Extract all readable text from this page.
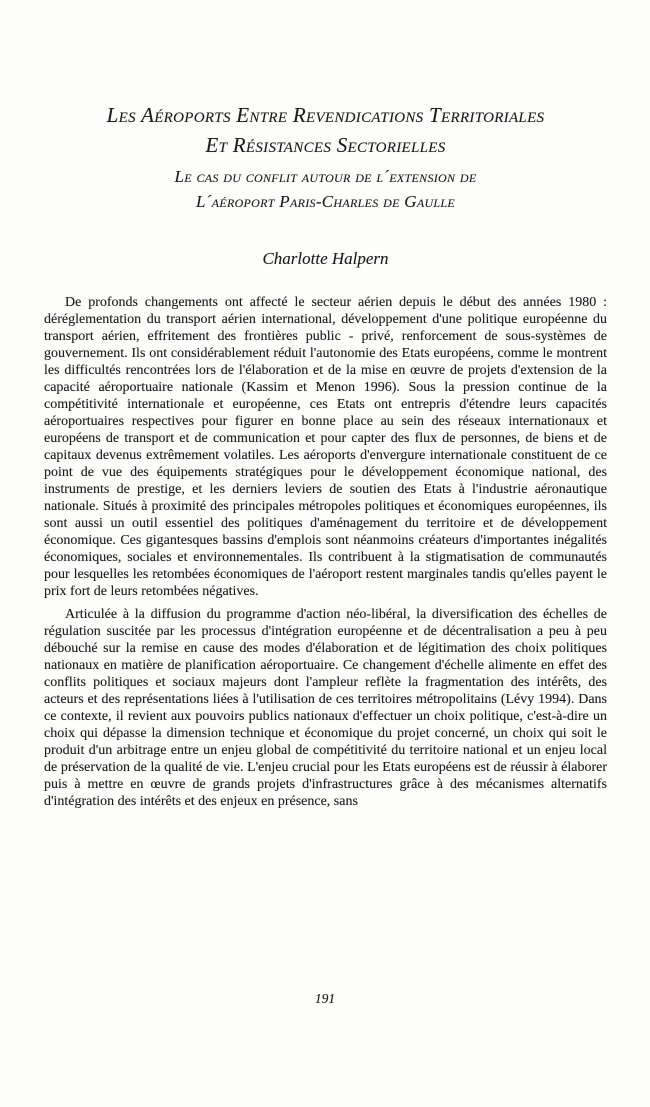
Les Aéroports Entre Revendications Territoriales
Et Résistances Sectorielles
Le cas du conflit autour de l´extension de
L´aéroport Paris-Charles de Gaulle
Charlotte Halpern

De profonds changements ont affecté le secteur aérien depuis le début des années 1980 : déréglementation du transport aérien international, développement d'une politique européenne du transport aérien, effritement des frontières public - privé, renforcement de sous-systèmes de gouvernement. Ils ont considérablement réduit l'autonomie des Etats européens, comme le montrent les difficultés rencontrées lors de l'élaboration et de la mise en œuvre de projets d'extension de la capacité aéroportuaire nationale (Kassim et Menon 1996). Sous la pression continue de la compétitivité internationale et européenne, ces Etats ont entrepris d'étendre leurs capacités aéroportuaires respectives pour figurer en bonne place au sein des réseaux internationaux et européens de transport et de communication et pour capter des flux de personnes, de biens et de capitaux devenus extrêmement volatiles. Les aéroports d'envergure internationale constituent de ce point de vue des équipements stratégiques pour le développement économique national, des instruments de prestige, et les derniers leviers de soutien des Etats à l'industrie aéronautique nationale. Situés à proximité des principales métropoles politiques et économiques européennes, ils sont aussi un outil essentiel des politiques d'aménagement du territoire et de développement économique. Ces gigantesques bassins d'emplois sont néanmoins créateurs d'importantes inégalités économiques, sociales et environnementales. Ils contribuent à la stigmatisation de communautés pour lesquelles les retombées économiques de l'aéroport restent marginales tandis qu'elles payent le prix fort de leurs retombées négatives.

Articulée à la diffusion du programme d'action néo-libéral, la diversification des échelles de régulation suscitée par les processus d'intégration européenne et de décentralisation a peu à peu débouché sur la remise en cause des modes d'élaboration et de légitimation des choix politiques nationaux en matière de planification aéroportuaire. Ce changement d'échelle alimente en effet des conflits politiques et sociaux majeurs dont l'ampleur reflète la fragmentation des intérêts, des acteurs et des représentations liées à l'utilisation de ces territoires métropolitains (Lévy 1994). Dans ce contexte, il revient aux pouvoirs publics nationaux d'effectuer un choix politique, c'est-à-dire un choix qui dépasse la dimension technique et économique du projet concerné, un choix qui soit le produit d'un arbitrage entre un enjeu global de compétitivité du territoire national et un enjeu local de préservation de la qualité de vie. L'enjeu crucial pour les Etats européens est de réussir à élaborer puis à mettre en œuvre de grands projets d'infrastructures grâce à des mécanismes alternatifs d'intégration des intérêts et des enjeux en présence, sans

191
